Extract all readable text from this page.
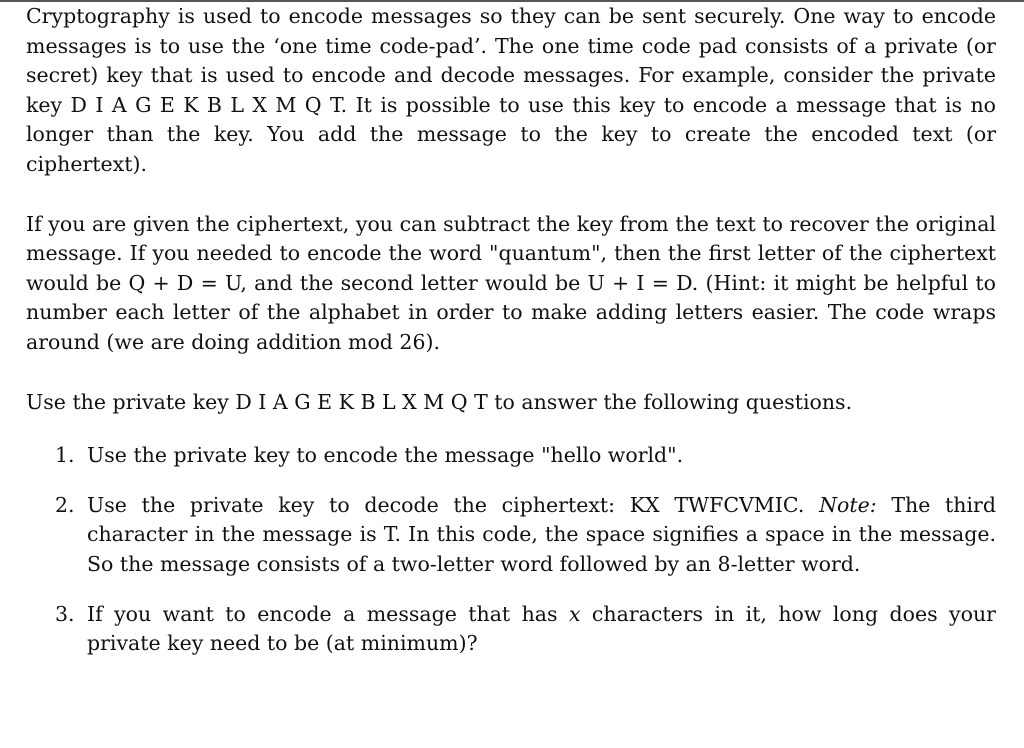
Cryptography is used to encode messages so they can be sent securely. One way to encode messages is to use the ‘one time code-pad’. The one time code pad consists of a private (or secret) key that is used to encode and decode messages. For example, consider the private key D I A G E K B L X M Q T. It is possible to use this key to encode a message that is no longer than the key. You add the message to the key to create the encoded text (or ciphertext).

If you are given the ciphertext, you can subtract the key from the text to recover the original message. If you needed to encode the word "quantum", then the first letter of the ciphertext would be Q + D = U, and the second letter would be U + I = D. (Hint: it might be helpful to number each letter of the alphabet in order to make adding letters easier. The code wraps around (we are doing addition mod 26).

Use the private key D I A G E K B L X M Q T to answer the following questions.

1. Use the private key to encode the message "hello world".
2. Use the private key to decode the ciphertext: KX TWFCVMIC. Note: The third character in the message is T. In this code, the space signifies a space in the message. So the message consists of a two-letter word followed by an 8-letter word.
3. If you want to encode a message that has x characters in it, how long does your private key need to be (at minimum)?
